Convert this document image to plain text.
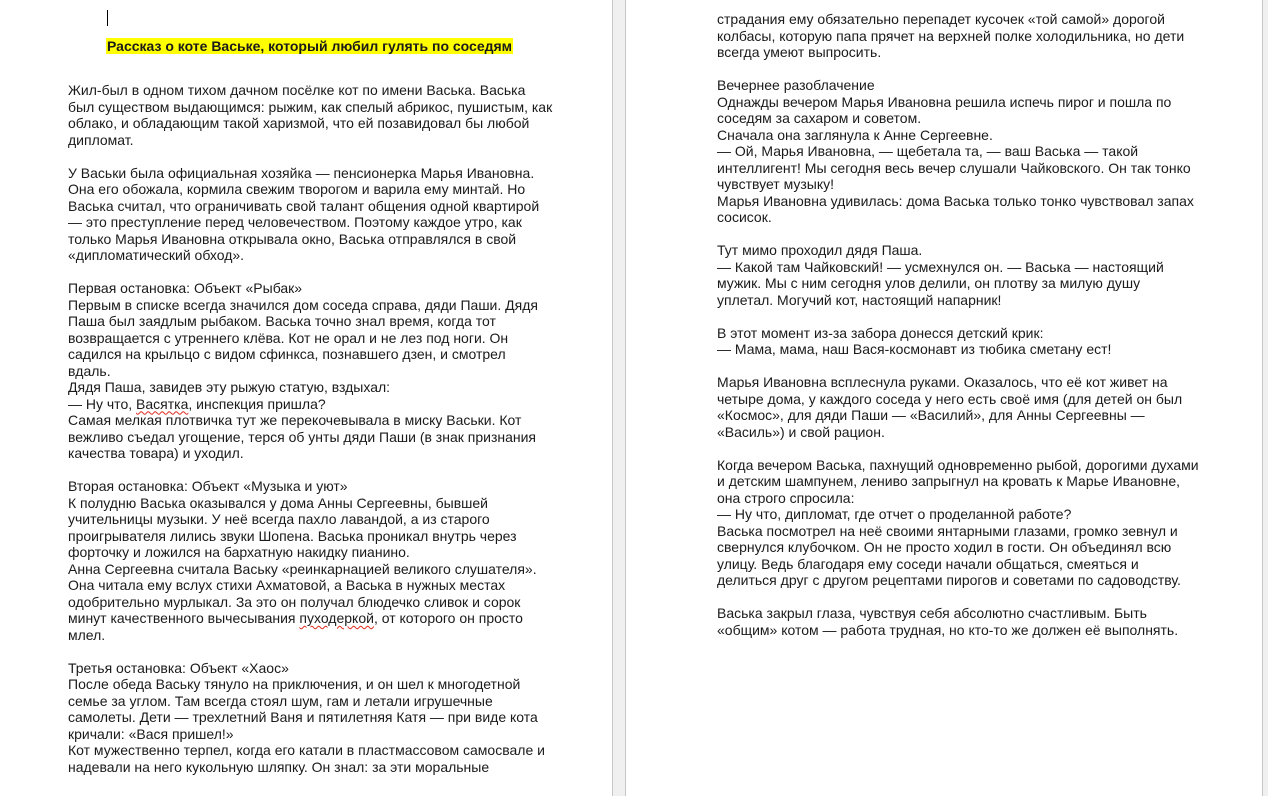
Рассказ о коте Ваське, который любил гулять по соседям

Жил-был в одном тихом дачном посёлке кот по имени Васька. Васька
был существом выдающимся: рыжим, как спелый абрикос, пушистым, как
облако, и обладающим такой харизмой, что ей позавидовал бы любой
дипломат.

У Васьки была официальная хозяйка — пенсионерка Марья Ивановна.
Она его обожала, кормила свежим творогом и варила ему минтай. Но
Васька считал, что ограничивать свой талант общения одной квартирой
— это преступление перед человечеством. Поэтому каждое утро, как
только Марья Ивановна открывала окно, Васька отправлялся в свой
«дипломатический обход».

Первая остановка: Объект «Рыбак»
Первым в списке всегда значился дом соседа справа, дяди Паши. Дядя
Паша был заядлым рыбаком. Васька точно знал время, когда тот
возвращается с утреннего клёва. Кот не орал и не лез под ноги. Он
садился на крыльцо с видом сфинкса, познавшего дзен, и смотрел
вдаль.
Дядя Паша, завидев эту рыжую статую, вздыхал:
— Ну что, Васятка, инспекция пришла?
Самая мелкая плотвичка тут же перекочевывала в миску Васьки. Кот
вежливо съедал угощение, терся об унты дяди Паши (в знак признания
качества товара) и уходил.

Вторая остановка: Объект «Музыка и уют»
К полудню Васька оказывался у дома Анны Сергеевны, бывшей
учительницы музыки. У неё всегда пахло лавандой, а из старого
проигрывателя лились звуки Шопена. Васька проникал внутрь через
форточку и ложился на бархатную накидку пианино.
Анна Сергеевна считала Ваську «реинкарнацией великого слушателя».
Она читала ему вслух стихи Ахматовой, а Васька в нужных местах
одобрительно мурлыкал. За это он получал блюдечко сливок и сорок
минут качественного вычесывания пуходеркой, от которого он просто
млел.

Третья остановка: Объект «Хаос»
После обеда Ваську тянуло на приключения, и он шел к многодетной
семье за углом. Там всегда стоял шум, гам и летали игрушечные
самолеты. Дети — трехлетний Ваня и пятилетняя Катя — при виде кота
кричали: «Вася пришел!»
Кот мужественно терпел, когда его катали в пластмассовом самосвале и
надевали на него кукольную шляпку. Он знал: за эти моральные

страдания ему обязательно перепадет кусочек «той самой» дорогой
колбасы, которую папа прячет на верхней полке холодильника, но дети
всегда умеют выпросить.

Вечернее разоблачение
Однажды вечером Марья Ивановна решила испечь пирог и пошла по
соседям за сахаром и советом.
Сначала она заглянула к Анне Сергеевне.
— Ой, Марья Ивановна, — щебетала та, — ваш Васька — такой
интеллигент! Мы сегодня весь вечер слушали Чайковского. Он так тонко
чувствует музыку!
Марья Ивановна удивилась: дома Васька только тонко чувствовал запах
сосисок.

Тут мимо проходил дядя Паша.
— Какой там Чайковский! — усмехнулся он. — Васька — настоящий
мужик. Мы с ним сегодня улов делили, он плотву за милую душу
уплетал. Могучий кот, настоящий напарник!

В этот момент из-за забора донесся детский крик:
— Мама, мама, наш Вася-космонавт из тюбика сметану ест!

Марья Ивановна всплеснула руками. Оказалось, что её кот живет на
четыре дома, у каждого соседа у него есть своё имя (для детей он был
«Космос», для дяди Паши — «Василий», для Анны Сергеевны —
«Василь») и свой рацион.

Когда вечером Васька, пахнущий одновременно рыбой, дорогими духами
и детским шампунем, лениво запрыгнул на кровать к Марье Ивановне,
она строго спросила:
— Ну что, дипломат, где отчет о проделанной работе?
Васька посмотрел на неё своими янтарными глазами, громко зевнул и
свернулся клубочком. Он не просто ходил в гости. Он объединял всю
улицу. Ведь благодаря ему соседи начали общаться, смеяться и
делиться друг с другом рецептами пирогов и советами по садоводству.

Васька закрыл глаза, чувствуя себя абсолютно счастливым. Быть
«общим» котом — работа трудная, но кто-то же должен её выполнять.
